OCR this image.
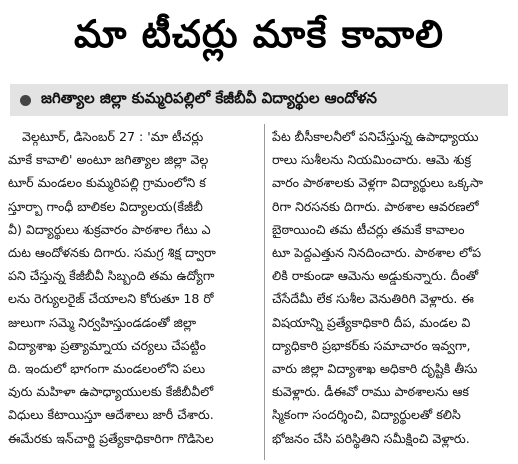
మా టీచర్లు మాకే కావాలి
జగిత్యాల జిల్లా కుమ్మరిపల్లిలో కేజీబీవీ విద్యార్థుల ఆందోళన
వెల్గటూర్, డిసెంబర్ 27 : 'మా టీచర్లు
మాకే కావాలి' అంటూ జగిత్యాల జిల్లా వెల్గ
టూర్ మండలం కుమ్మరిపల్లి గ్రామంలోని క
స్తూర్బా గాంధీ బాలికల విద్యాలయ(కేజీబీ
వీ) విద్యార్థులు శుక్రవారం పాఠశాల గేటు ఎ
దుట ఆందోళనకు దిగారు. సమగ్ర శిక్ష ద్వారా
పని చేస్తున్న కేజీబీవీ సిబ్బంది తమ ఉద్యోగా
లను రెగ్యులరైజ్ చేయాలని కోరుతూ 18 రో
జులుగా సమ్మె నిర్వహిస్తుండడంతో జిల్లా
విద్యాశాఖ ప్రత్యామ్నాయ చర్యలు చేపట్టిం
ది. ఇందులో భాగంగా మండలంలోని పలు
వురు మహిళా ఉపాధ్యాయులకు కేజీబీవీలో
విధులు కేటాయిస్తూ ఆదేశాలు జారీ చేశారు.
ఈమేరకు ఇన్‌చార్జి ప్రత్యేకాధికారిగా గొడిసెల
పేట బీసీకాలనీలో పనిచేస్తున్న ఉపాధ్యాయు
రాలు సుశీలను నియమించారు. ఆమె శుక్ర
వారం పాఠశాలకు వెళ్లగా విద్యార్థులు ఒక్కసా
రిగా నిరసనకు దిగారు. పాఠశాల ఆవరణలో
బైఠాయించి తమ టీచర్లు తమకే కావాలం
టూ పెద్దఎత్తున నినదించారు. పాఠశాల లోప
లికి రాకుండా ఆమెను అడ్డుకున్నారు. దీంతో
చేసేదేమీ లేక సుశీల వెనుతిరిగి వెళ్లారు. ఈ
విషయాన్ని ప్రత్యేకాధికారి దీప, మండల వి
ద్యాధికారి ప్రభాకర్‌కు సమాచారం ఇవ్వగా,
వారు జిల్లా విద్యాశాఖ అధికారి దృష్టికి తీసు
కువెళ్లారు. డీఈవో రాము పాఠశాలను ఆక
స్మికంగా సందర్శించి, విద్యార్థులతో కలిసి
భోజనం చేసి పరిస్థితిని సమీక్షించి వెళ్లారు.
